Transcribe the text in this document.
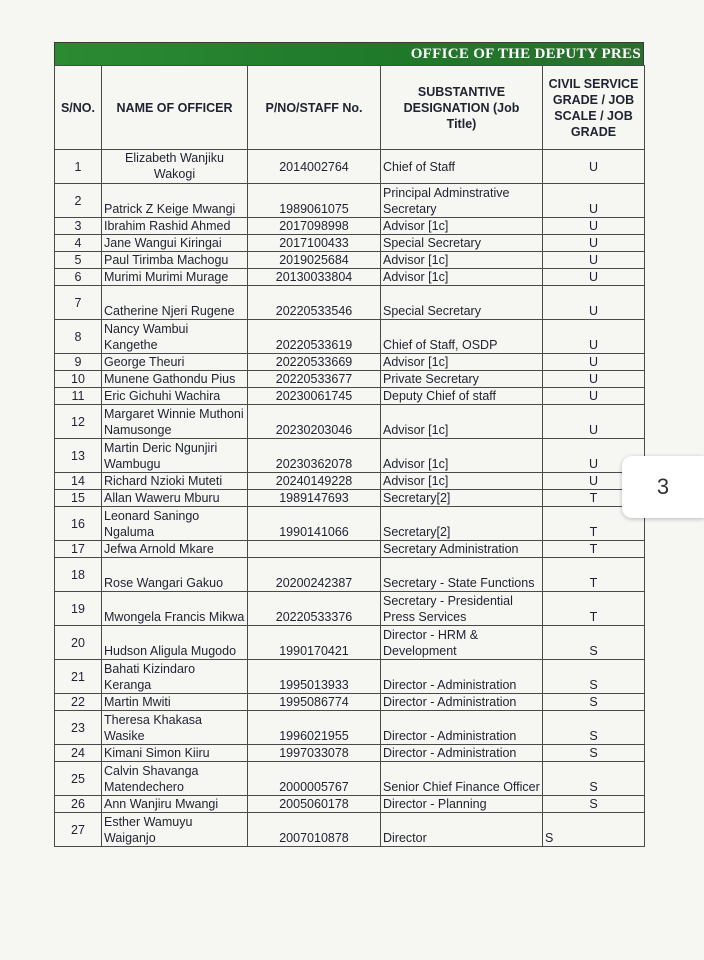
OFFICE OF THE DEPUTY PRES
S/NO.	NAME OF OFFICER	P/NO/STAFF No.	SUBSTANTIVE DESIGNATION (Job Title)	CIVIL SERVICE GRADE / JOB SCALE / JOB GRADE
1	Elizabeth Wanjiku Wakogi	2014002764	Chief of Staff	U
2	Patrick Z Keige Mwangi	1989061075	Principal Adminstrative Secretary	U
3	Ibrahim Rashid Ahmed	2017098998	Advisor [1c]	U
4	Jane Wangui Kiringai	2017100433	Special Secretary	U
5	Paul Tirimba Machogu	2019025684	Advisor [1c]	U
6	Murimi Murimi Murage	20130033804	Advisor [1c]	U
7	Catherine Njeri Rugene	20220533546	Special Secretary	U
8	Nancy Wambui Kangethe	20220533619	Chief of Staff, OSDP	U
9	George Theuri	20220533669	Advisor [1c]	U
10	Munene Gathondu Pius	20220533677	Private Secretary	U
11	Eric Gichuhi Wachira	20230061745	Deputy Chief of staff	U
12	Margaret Winnie Muthoni Namusonge	20230203046	Advisor [1c]	U
13	Martin Deric Ngunjiri Wambugu	20230362078	Advisor [1c]	U
14	Richard Nzioki Muteti	20240149228	Advisor [1c]	U
15	Allan Waweru Mburu	1989147693	Secretary[2]	T
16	Leonard Saningo Ngaluma	1990141066	Secretary[2]	T
17	Jefwa Arnold Mkare		Secretary Administration	T
18	Rose Wangari Gakuo	20200242387	Secretary - State Functions	T
19	Mwongela Francis Mikwa	20220533376	Secretary - Presidential Press Services	T
20	Hudson Aligula Mugodo	1990170421	Director - HRM & Development	S
21	Bahati Kizindaro Keranga	1995013933	Director - Administration	S
22	Martin Mwiti	1995086774	Director - Administration	S
23	Theresa Khakasa Wasike	1996021955	Director - Administration	S
24	Kimani Simon Kiiru	1997033078	Director - Administration	S
25	Calvin Shavanga Matendechero	2000005767	Senior Chief Finance Officer	S
26	Ann Wanjiru Mwangi	2005060178	Director - Planning	S
27	Esther Wamuyu Waiganjo	2007010878	Director	S
3
